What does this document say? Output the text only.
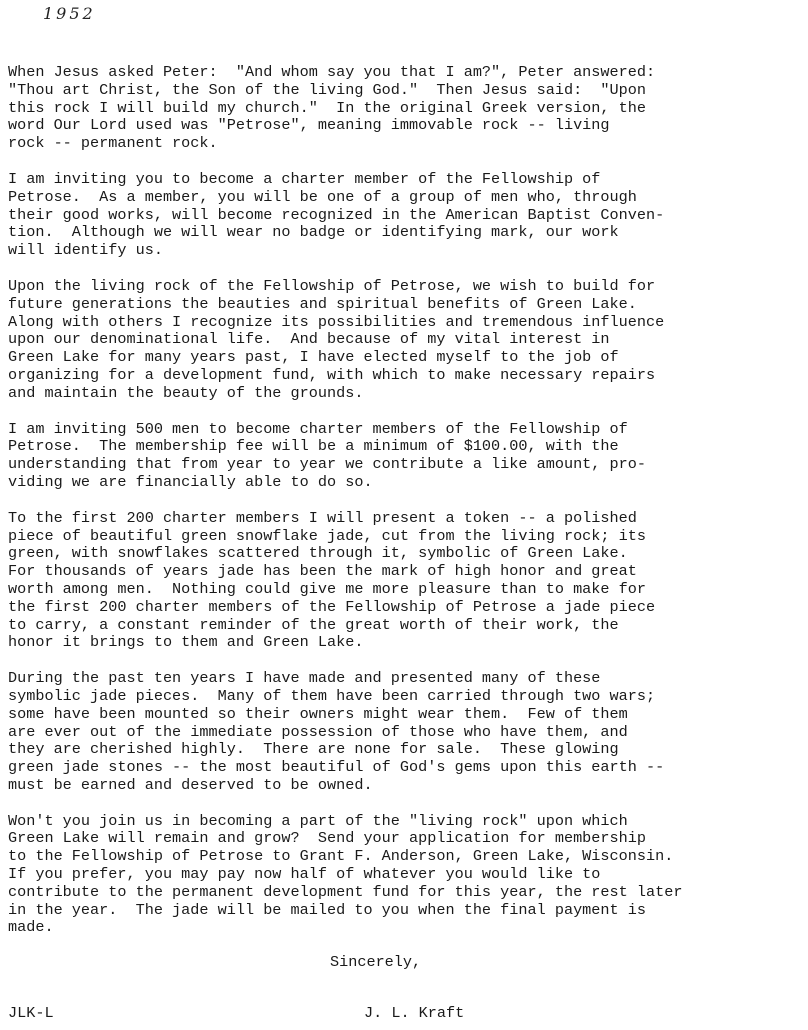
1952
When Jesus asked Peter:  "And whom say you that I am?", Peter answered:
"Thou art Christ, the Son of the living God."  Then Jesus said:  "Upon
this rock I will build my church."  In the original Greek version, the
word Our Lord used was "Petrose", meaning immovable rock -- living
rock -- permanent rock.
I am inviting you to become a charter member of the Fellowship of
Petrose.  As a member, you will be one of a group of men who, through
their good works, will become recognized in the American Baptist Conven-
tion.  Although we will wear no badge or identifying mark, our work
will identify us.
Upon the living rock of the Fellowship of Petrose, we wish to build for
future generations the beauties and spiritual benefits of Green Lake.
Along with others I recognize its possibilities and tremendous influence
upon our denominational life.  And because of my vital interest in
Green Lake for many years past, I have elected myself to the job of
organizing for a development fund, with which to make necessary repairs
and maintain the beauty of the grounds.
I am inviting 500 men to become charter members of the Fellowship of
Petrose.  The membership fee will be a minimum of $100.00, with the
understanding that from year to year we contribute a like amount, pro-
viding we are financially able to do so.
To the first 200 charter members I will present a token -- a polished
piece of beautiful green snowflake jade, cut from the living rock; its
green, with snowflakes scattered through it, symbolic of Green Lake.
For thousands of years jade has been the mark of high honor and great
worth among men.  Nothing could give me more pleasure than to make for
the first 200 charter members of the Fellowship of Petrose a jade piece
to carry, a constant reminder of the great worth of their work, the
honor it brings to them and Green Lake.
During the past ten years I have made and presented many of these
symbolic jade pieces.  Many of them have been carried through two wars;
some have been mounted so their owners might wear them.  Few of them
are ever out of the immediate possession of those who have them, and
they are cherished highly.  There are none for sale.  These glowing
green jade stones -- the most beautiful of God's gems upon this earth --
must be earned and deserved to be owned.
Won't you join us in becoming a part of the "living rock" upon which
Green Lake will remain and grow?  Send your application for membership
to the Fellowship of Petrose to Grant F. Anderson, Green Lake, Wisconsin.
If you prefer, you may pay now half of whatever you would like to
contribute to the permanent development fund for this year, the rest later
in the year.  The jade will be mailed to you when the final payment is
made.
Sincerely,
JLK-L	J. L. Kraft
